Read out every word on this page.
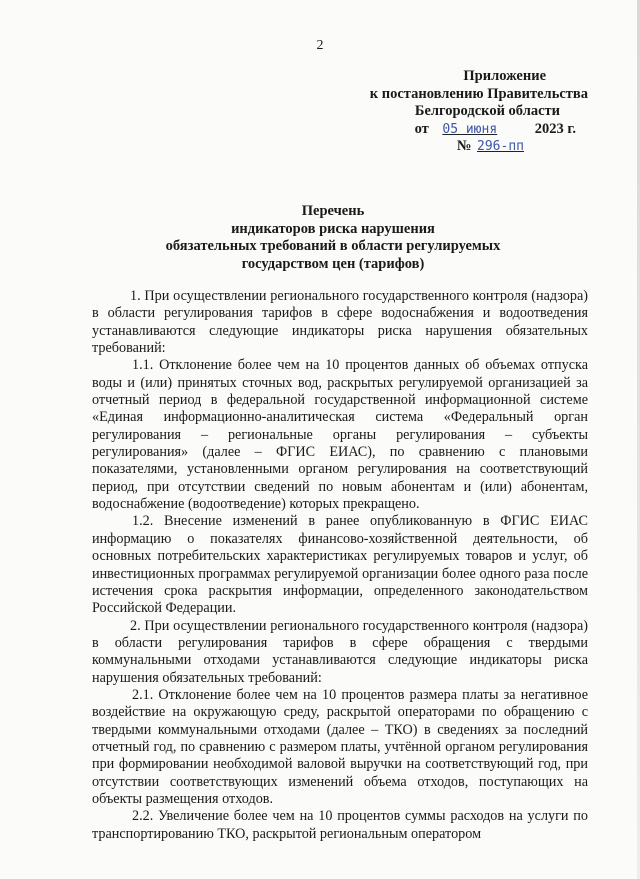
2
Приложение
к постановлению Правительства
Белгородской области
от 05 июня	2023 г.
№ 296-пп
Перечень
индикаторов риска нарушения
обязательных требований в области регулируемых
государством цен (тарифов)

1. При осуществлении регионального государственного контроля (надзора) в области регулирования тарифов в сфере водоснабжения и водоотведения устанавливаются следующие индикаторы риска нарушения обязательных требований:

1.1. Отклонение более чем на 10 процентов данных об объемах отпуска воды и (или) принятых сточных вод, раскрытых регулируемой организацией за отчетный период в федеральной государственной информационной системе «Единая информационно-аналитическая система «Федеральный орган регулирования – региональные органы регулирования – субъекты регулирования» (далее – ФГИС ЕИАС), по сравнению с плановыми показателями, установленными органом регулирования на соответствующий период, при отсутствии сведений по новым абонентам и (или) абонентам, водоснабжение (водоотведение) которых прекращено.

1.2. Внесение изменений в ранее опубликованную в ФГИС ЕИАС информацию о показателях финансово-хозяйственной деятельности, об основных потребительских характеристиках регулируемых товаров и услуг, об инвестиционных программах регулируемой организации более одного раза после истечения срока раскрытия информации, определенного законодательством Российской Федерации.

2. При осуществлении регионального государственного контроля (надзора) в области регулирования тарифов в сфере обращения с твердыми коммунальными отходами устанавливаются следующие индикаторы риска нарушения обязательных требований:

2.1. Отклонение более чем на 10 процентов размера платы за негативное воздействие на окружающую среду, раскрытой операторами по обращению с твердыми коммунальными отходами (далее – ТКО) в сведениях за последний отчетный год, по сравнению с размером платы, учтённой органом регулирования при формировании необходимой валовой выручки на соответствующий год, при отсутствии соответствующих изменений объема отходов, поступающих на объекты размещения отходов.

2.2. Увеличение более чем на 10 процентов суммы расходов на услуги по транспортированию ТКО, раскрытой региональным оператором
